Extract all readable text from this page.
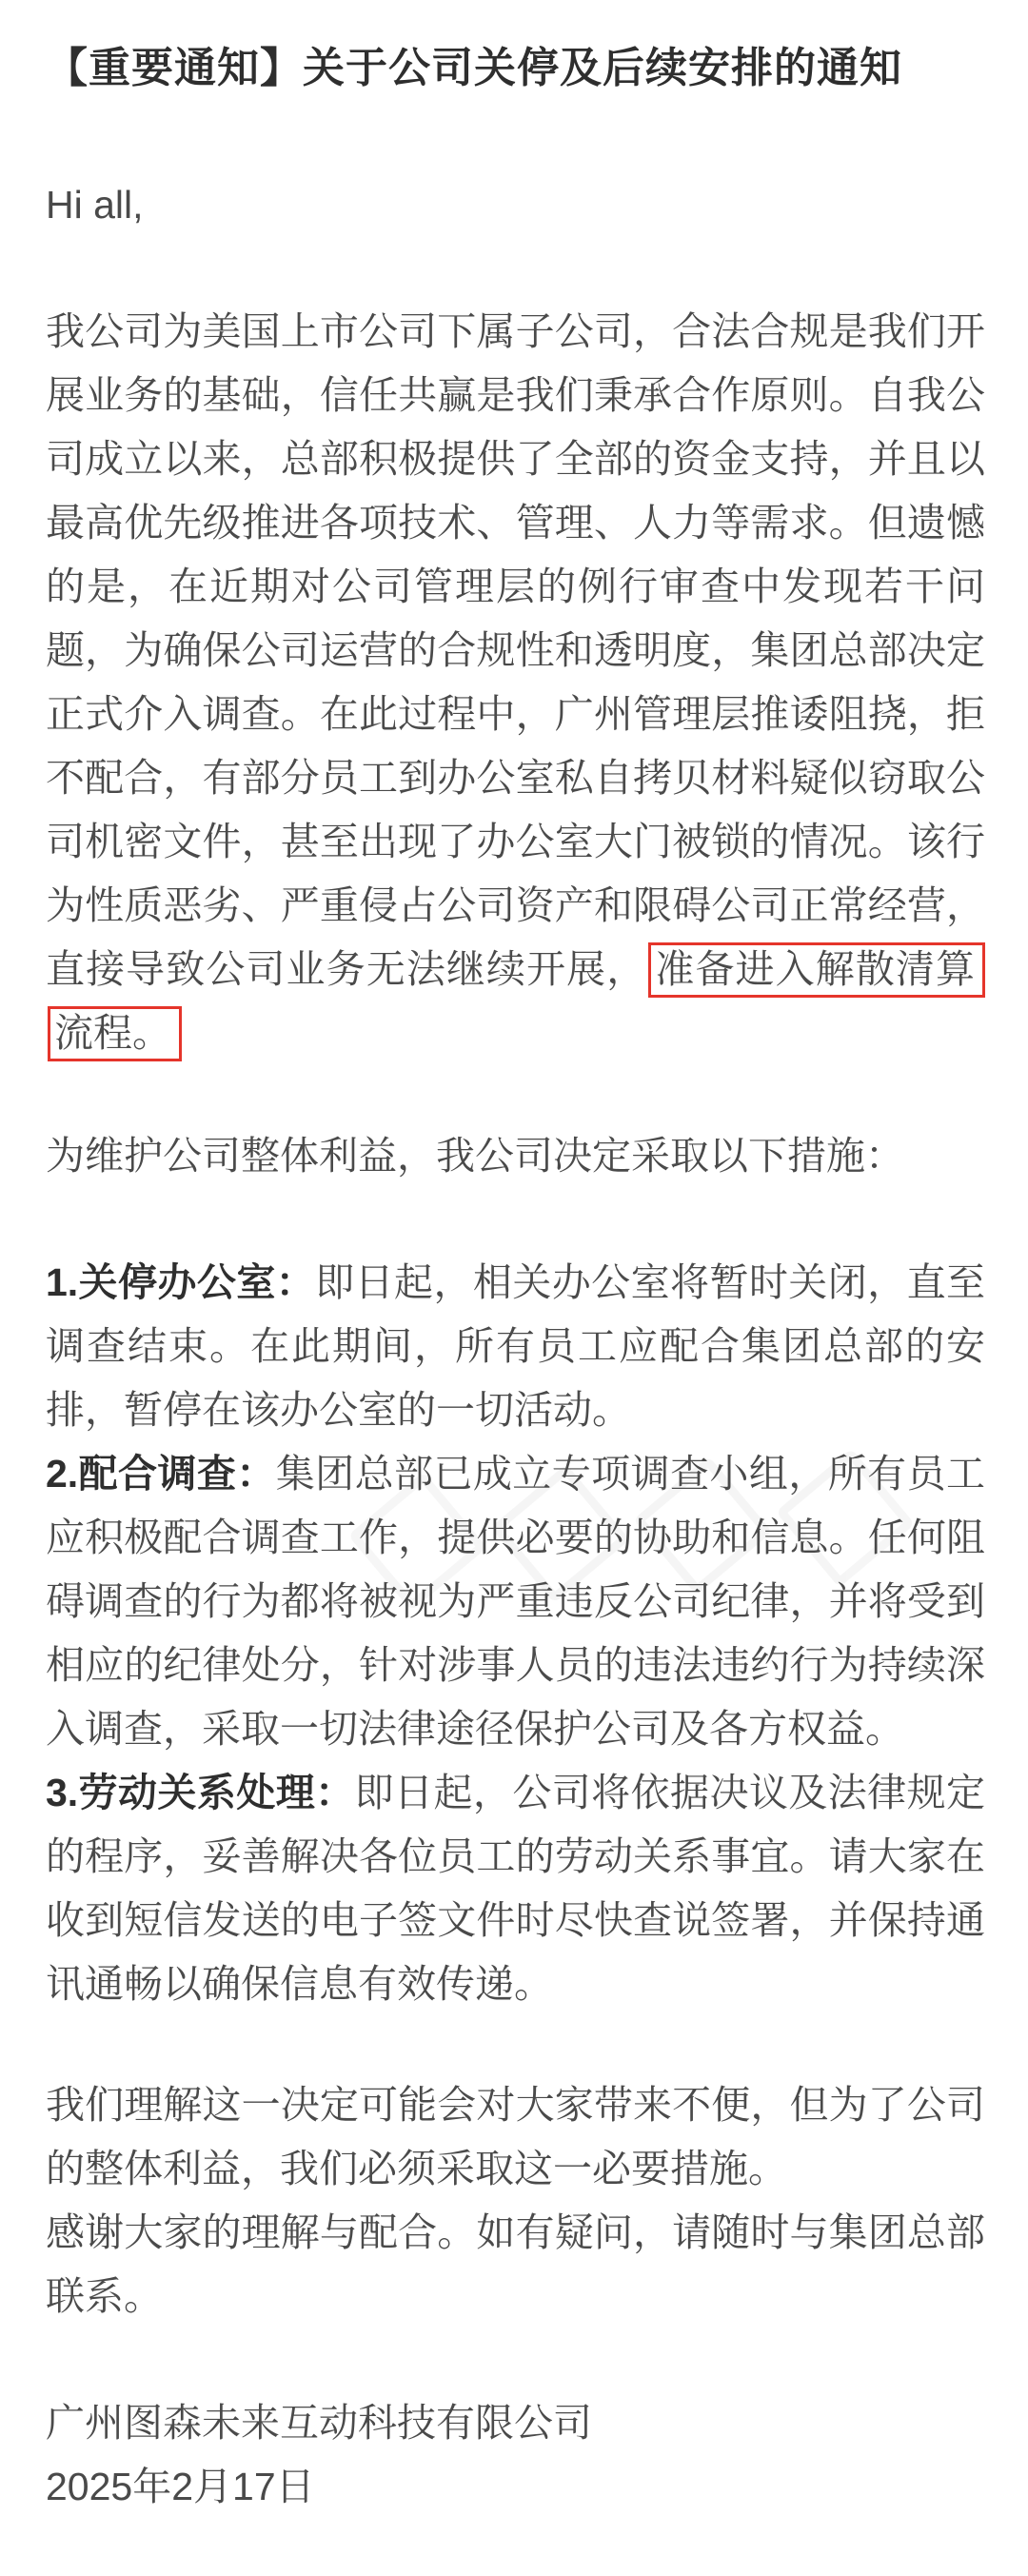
【重要通知】关于公司关停及后续安排的通知

Hi all,

我公司为美国上市公司下属子公司，合法合规是我们开展业务的基础，信任共赢是我们秉承合作原则。自我公司成立以来，总部积极提供了全部的资金支持，并且以最高优先级推进各项技术、管理、人力等需求。但遗憾的是，在近期对公司管理层的例行审查中发现若干问题，为确保公司运营的合规性和透明度，集团总部决定正式介入调查。在此过程中，广州管理层推诿阻挠，拒不配合，有部分员工到办公室私自拷贝材料疑似窃取公司机密文件，甚至出现了办公室大门被锁的情况。该行为性质恶劣、严重侵占公司资产和限碍公司正常经营，直接导致公司业务无法继续开展， 准备进入解散清算流程。

为维护公司整体利益，我公司决定采取以下措施：

1.关停办公室：即日起，相关办公室将暂时关闭，直至调查结束。在此期间，所有员工应配合集团总部的安排，暂停在该办公室的一切活动。

2.配合调查：集团总部已成立专项调查小组，所有员工应积极配合调查工作，提供必要的协助和信息。任何阻碍调查的行为都将被视为严重违反公司纪律，并将受到相应的纪律处分，针对涉事人员的违法违约行为持续深入调查，采取一切法律途径保护公司及各方权益。

3.劳动关系处理：即日起，公司将依据决议及法律规定的程序，妥善解决各位员工的劳动关系事宜。请大家在收到短信发送的电子签文件时尽快查说签署，并保持通讯通畅以确保信息有效传递。

我们理解这一决定可能会对大家带来不便，但为了公司的整体利益，我们必须采取这一必要措施。

感谢大家的理解与配合。如有疑问，请随时与集团总部联系。

广州图森未来互动科技有限公司

2025年2月17日
